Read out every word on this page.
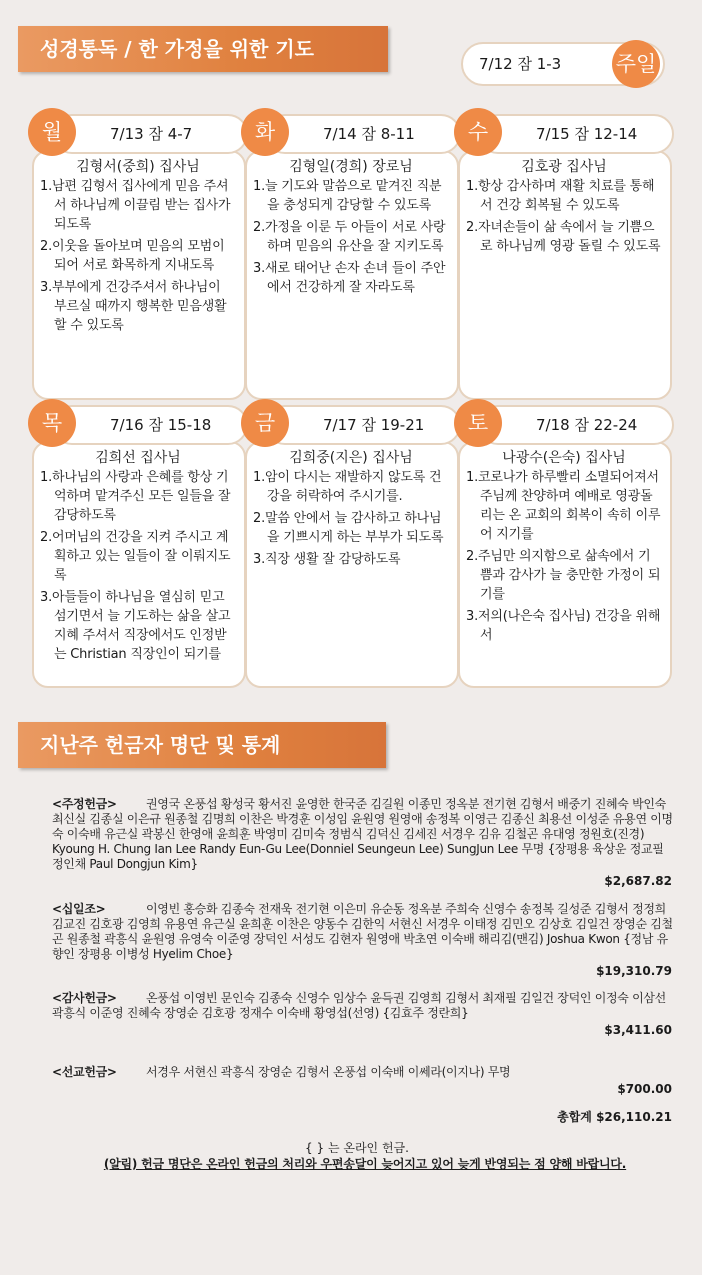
성경통독 / 한 가정을 위한 기도
7/12 잠 1-3	주일
김형서(중희) 집사님
1.남편 김형서 집사에게 믿음 주셔서 하나님께 이끌림 받는 집사가 되도록
2.이웃을 돌아보며 믿음의 모범이 되어 서로 화목하게 지내도록
3.부부에게 건강주셔서 하나님이 부르실 때까지 행복한 믿음생활 할 수 있도록
7/13 잠 4-7
월
김형일(경희) 장로님
1.늘 기도와 말씀으로 맡겨진 직분을 충성되게 감당할 수 있도록
2.가정을 이룬 두 아들이 서로 사랑하며 믿음의 유산을 잘 지키도록
3.새로 태어난 손자 손녀 들이 주안에서 건강하게 잘 자라도록
7/14 잠 8-11
화
김호광 집사님
1.항상 감사하며 재활 치료를 통해서 건강 회복될 수 있도록
2.자녀손들이 삶 속에서 늘 기쁨으로 하나님께 영광 돌릴 수 있도록
7/15 잠 12-14
수
김희선 집사님
1.하나님의 사랑과 은혜를 항상 기억하며 맡겨주신 모든 일들을 잘 감당하도록
2.어머님의 건강을 지켜 주시고 계획하고 있는 일들이 잘 이뤄지도록
3.아들들이 하나님을 열심히 믿고 섬기면서 늘 기도하는 삶을 살고 지혜 주셔서 직장에서도 인정받는 Christian 직장인이 되기를
7/16 잠 15-18
목
김희중(지은) 집사님
1.암이 다시는 재발하지 않도록 건강을 허락하여 주시기를.
2.말씀 안에서 늘 감사하고 하나님을 기쁘시게 하는 부부가 되도록
3.직장 생활 잘 감당하도록
7/17 잠 19-21
금
나광수(은숙) 집사님
1.코로나가 하루빨리 소멸되어져서 주님께 찬양하며 예배로 영광돌리는 온 교회의 회복이 속히 이루어 지기를
2.주님만 의지함으로 삶속에서 기쁨과 감사가 늘 충만한 가정이 되기를
3.저의(나은숙 집사님) 건강을 위해서
7/18 잠 22-24
토
지난주 헌금자 명단 및 통계
<주정헌금> 권영국 온풍섭 황성국 황서진 윤영한 한국준 김길원 이종민 정옥분 전기현 김형서 배중기 진혜숙 박인숙 최신실 김종실 이은규 원종철 김명희 이찬은 박경훈 이성임 윤원영 원영애 송정복 이영근 김종신 최용선 이성준 유용연 이명숙 이숙배 유근실 곽봉신 한영애 윤희훈 박영미 김미숙 정범식 김덕신 김세진 서경우 김유 김철곤 유대영 정원호(진경) Kyoung H. Chung Ian Lee Randy Eun-Gu Lee(Donniel Seungeun Lee) SungJun Lee 무명 {장평용 육상운 정교필 정인채 Paul Dongjun Kim}
$2,687.82
<십일조>	이영빈 홍승화 김종숙 전재욱 전기현 이은미 유순동 정옥분 주희숙 신영수 송정복 길성준 김형서 정정희 김교진 김호광 김영희 유용연 유근실 윤희훈 이찬은 양동수 김한익 서현신 서경우 이태정 김민오 김상호 김일건 장영순 김철곤 원종철 곽흥식 윤원영 유영숙 이준영 장덕인 서성도 김현자 원영애 박초연 이숙배 해리김(맨김) Joshua Kwon {정남 유향인 장평용 이병성 Hyelim Choe}
$19,310.79
<감사헌금> 온풍섭 이영빈 문인숙 김종숙 신영수 임상수 윤득권 김영희 김형서 최재필 김일건 장덕인 이정숙 이삼선 곽흥식 이준영 진혜숙 장영순 김호광 정재수 이숙배 황영섭(선영) {김효주 정란희}
$3,411.60
<선교헌금> 서경우 서현신 곽흥식 장영순 김형서 온풍섭 이숙배 이쎄라(이지나) 무명
$700.00
총합계 $26,110.21
{ } 는 온라인 헌금.
(알림) 헌금 명단은 온라인 헌금의 처리와 우편송달이 늦어지고 있어 늦게 반영되는 점 양해 바랍니다.
